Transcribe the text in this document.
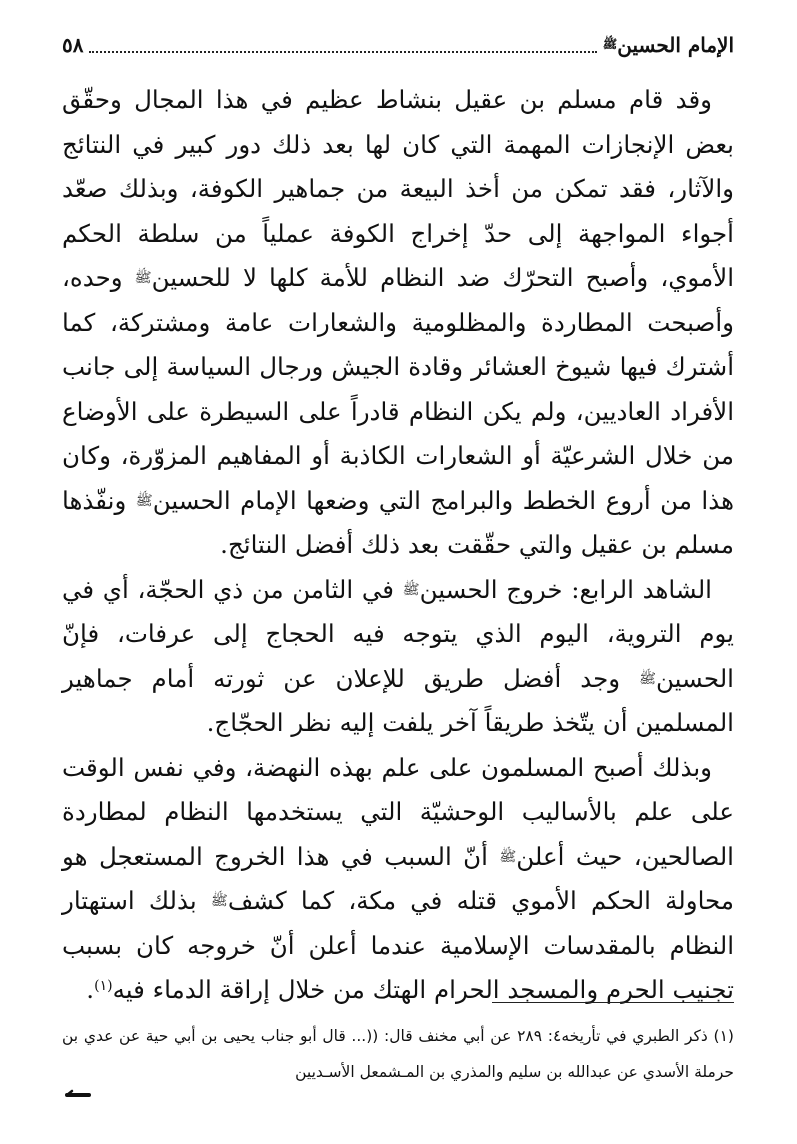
الإمام الحسين$^ﷺ$
٥٨

وقد قام مسلم بن عقيل بنشاط عظيم في هذا المجال وحقّق بعض الإنجازات المهمة التي كان لها بعد ذلك دور كبير في النتائج والآثار، فقد تمكن من أخذ البيعة من جماهير الكوفة، وبذلك صعّد أجواء المواجهة إلى حدّ إخراج الكوفة عملياً من سلطة الحكم الأموي، وأصبح التحرّك ضد النظام للأمة كلها لا للحسينﷺ وحده، وأصبحت المطاردة والمظلومية والشعارات عامة ومشتركة، كما أشترك فيها شيوخ العشائر وقادة الجيش ورجال السياسة إلى جانب الأفراد العاديين، ولم يكن النظام قادراً على السيطرة على الأوضاع من خلال الشرعيّة أو الشعارات الكاذبة أو المفاهيم المزوّرة، وكان هذا من أروع الخطط والبرامج التي وضعها الإمام الحسينﷺ ونفّذها مسلم بن عقيل والتي حقّقت بعد ذلك أفضل النتائج.

الشاهد الرابع: خروج الحسينﷺ في الثامن من ذي الحجّة، أي في يوم التروية، اليوم الذي يتوجه فيه الحجاج إلى عرفات، فإنّ الحسينﷺ وجد أفضل طريق للإعلان عن ثورته أمام جماهير المسلمين أن يتّخذ طريقاً آخر يلفت إليه نظر الحجّاج.

وبذلك أصبح المسلمون على علم بهذه النهضة، وفي نفس الوقت على علم بالأساليب الوحشيّة التي يستخدمها النظام لمطاردة الصالحين، حيث أعلنﷺ أنّ السبب في هذا الخروج المستعجل هو محاولة الحكم الأموي قتله في مكة، كما كشفﷺ بذلك استهتار النظام بالمقدسات الإسلامية عندما أعلن أنّ خروجه كان بسبب تجنيب الحرم والمسجد الحرام الهتك من خلال إراقة الدماء فيه$^{(١)}$.

(١) ذكر الطبري في تأريخه٤: ٢٨٩ عن أبي مخنف قال: ((... قال أبو جناب يحيى بن أبي حية عن عدي بن حرملة الأسدي عن عبدالله بن سليم والمذري بن المـشمعل الأسـديين
